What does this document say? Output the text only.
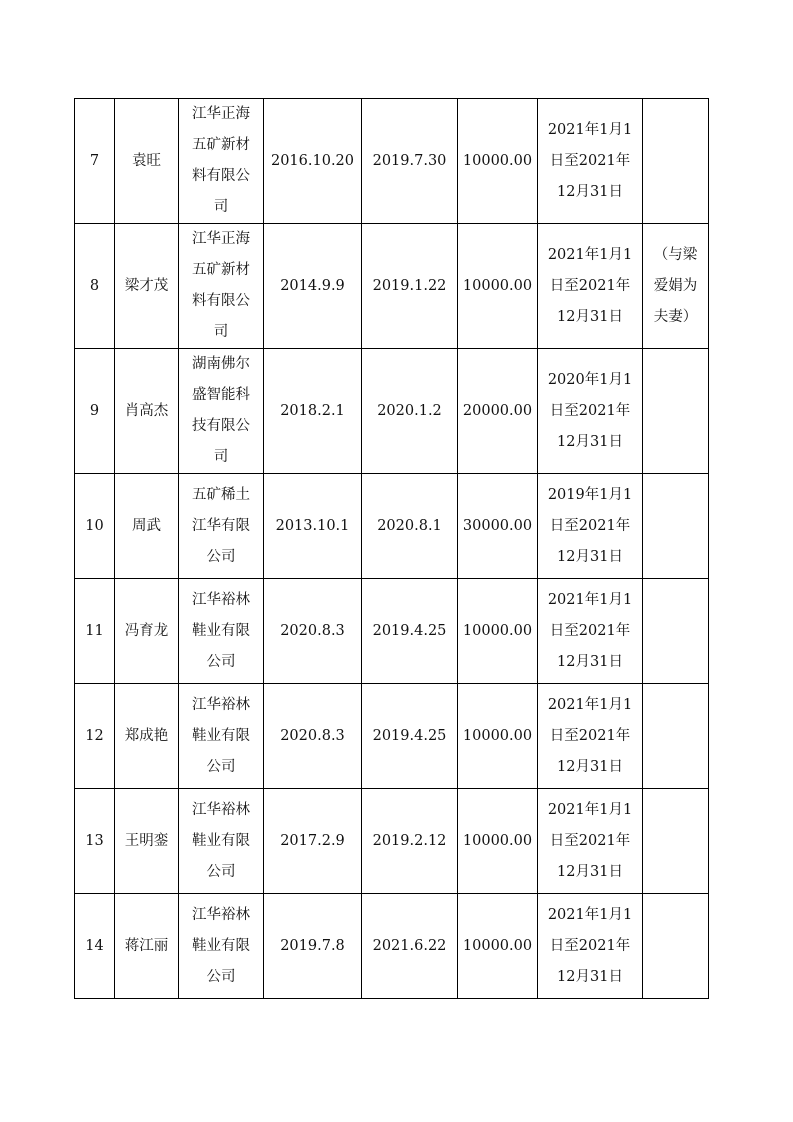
7	袁旺	江华正海
五矿新材
料有限公
司	2016.10.20	2019.7.30	10000.00	2021年1月1
日至2021年
12月31日	

8	梁才茂	江华正海
五矿新材
料有限公
司	2014.9.9	2019.1.22	10000.00	2021年1月1
日至2021年
12月31日	（与梁
爱娟为
夫妻）

9	肖高杰	湖南佛尔
盛智能科
技有限公
司	2018.2.1	2020.1.2	20000.00	2020年1月1
日至2021年
12月31日	

10	周武	五矿稀土
江华有限
公司	2013.10.1	2020.8.1	30000.00	2019年1月1
日至2021年
12月31日	

11	冯育龙	江华裕林
鞋业有限
公司	2020.8.3	2019.4.25	10000.00	2021年1月1
日至2021年
12月31日	

12	郑成艳	江华裕林
鞋业有限
公司	2020.8.3	2019.4.25	10000.00	2021年1月1
日至2021年
12月31日	

13	王明銮	江华裕林
鞋业有限
公司	2017.2.9	2019.2.12	10000.00	2021年1月1
日至2021年
12月31日	

14	蒋江丽	江华裕林
鞋业有限
公司	2019.7.8	2021.6.22	10000.00	2021年1月1
日至2021年
12月31日	
